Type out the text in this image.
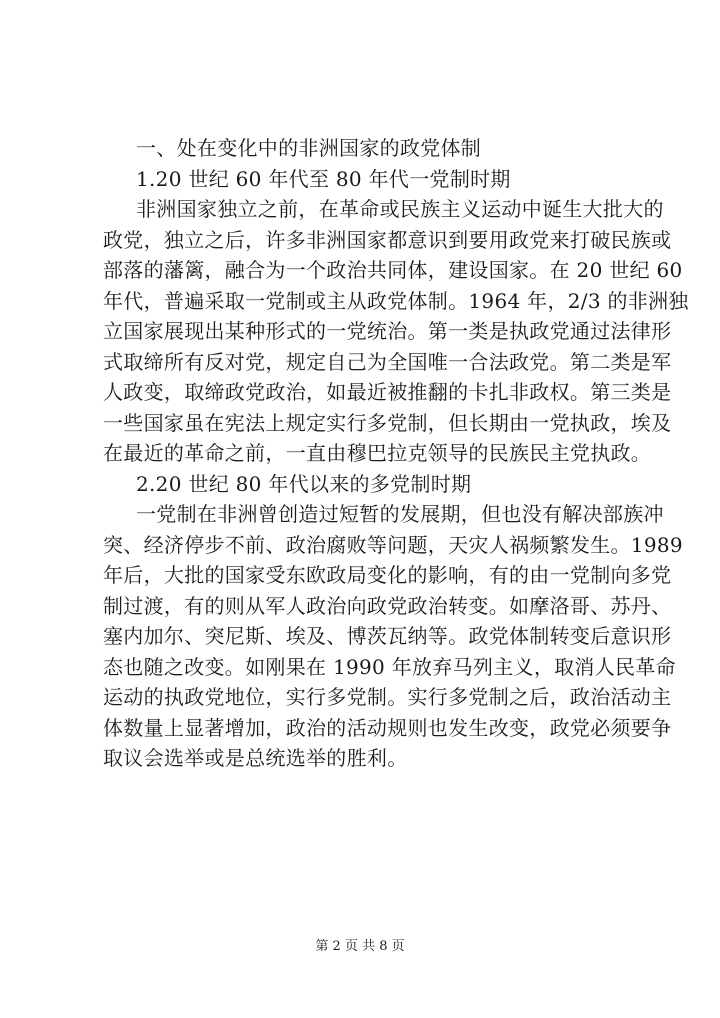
一、处在变化中的非洲国家的政党体制
1.20 世纪 60 年代至 80 年代一党制时期
非洲国家独立之前，在革命或民族主义运动中诞生大批大的
政党，独立之后，许多非洲国家都意识到要用政党来打破民族或
部落的藩篱，融合为一个政治共同体，建设国家。在 20 世纪 60
年代，普遍采取一党制或主从政党体制。1964 年，2/3 的非洲独
立国家展现出某种形式的一党统治。第一类是执政党通过法律形
式取缔所有反对党，规定自己为全国唯一合法政党。第二类是军
人政变，取缔政党政治，如最近被推翻的卡扎非政权。第三类是
一些国家虽在宪法上规定实行多党制，但长期由一党执政，埃及
在最近的革命之前，一直由穆巴拉克领导的民族民主党执政。
2.20 世纪 80 年代以来的多党制时期
一党制在非洲曾创造过短暂的发展期，但也没有解决部族冲
突、经济停步不前、政治腐败等问题，天灾人祸频繁发生。1989
年后，大批的国家受东欧政局变化的影响，有的由一党制向多党
制过渡，有的则从军人政治向政党政治转变。如摩洛哥、苏丹、
塞内加尔、突尼斯、埃及、博茨瓦纳等。政党体制转变后意识形
态也随之改变。如刚果在 1990 年放弃马列主义，取消人民革命
运动的执政党地位，实行多党制。实行多党制之后，政治活动主
体数量上显著增加，政治的活动规则也发生改变，政党必须要争
取议会选举或是总统选举的胜利。
第 2 页 共 8 页
